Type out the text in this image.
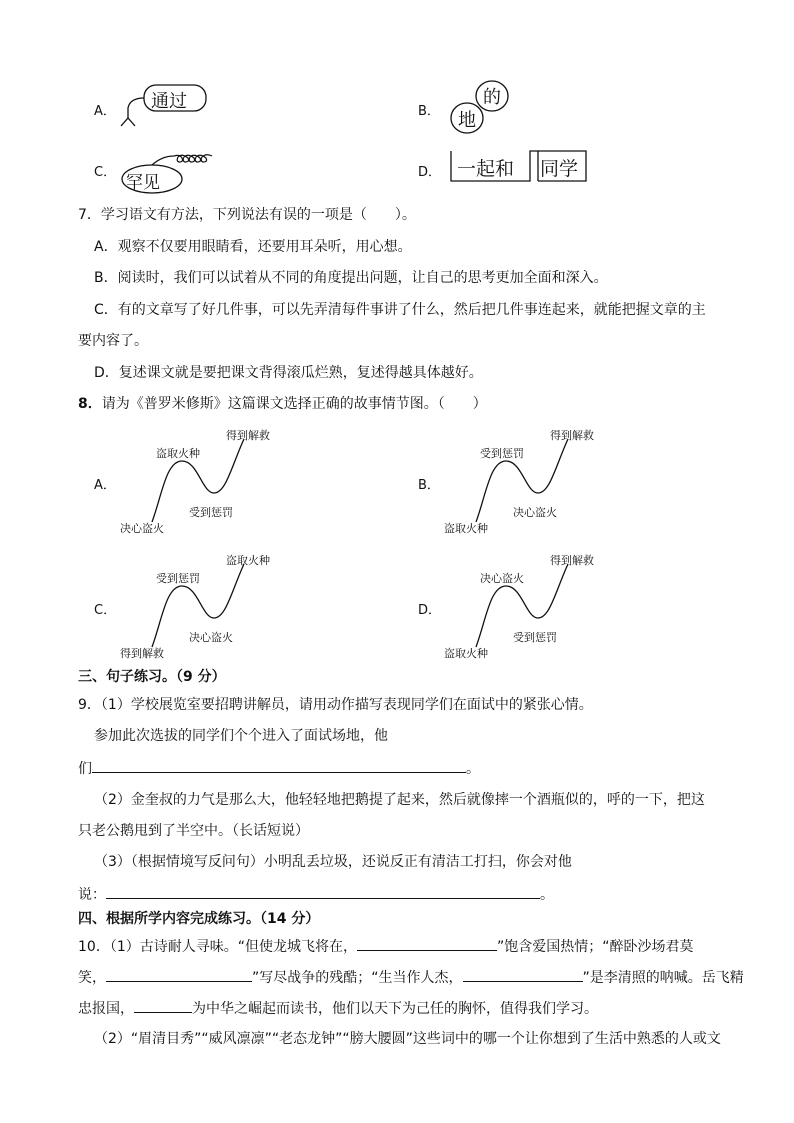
A． 通过	B．
的
地
C．
罕见
D． 一起和 同学
7．学习语文有方法，下列说法有误的一项是（　　）。
A．观察不仅要用眼睛看，还要用耳朵听，用心想。
B．阅读时，我们可以试着从不同的角度提出问题，让自己的思考更加全面和深入。
C．有的文章写了好几件事，可以先弄清每件事讲了什么，然后把几件事连起来，就能把握文章的主
要内容了。
D．复述课文就是要把课文背得滚瓜烂熟，复述得越具体越好。
8．请为《普罗米修斯》这篇课文选择正确的故事情节图。（　　）
A．
决心盗火
盗取火种
受到惩罚
得到解救
B．
盗取火种
受到惩罚
决心盗火
得到解救
C．
得到解救
受到惩罚
决心盗火
盗取火种
D．
盗取火种
决心盗火
受到惩罚
得到解救
三、句子练习。（9 分）
9．（1）学校展览室要招聘讲解员，请用动作描写表现同学们在面试中的紧张心情。
参加此次选拔的同学们个个进入了面试场地，他
们	。
（2）金奎叔的力气是那么大，他轻轻地把鹅提了起来，然后就像摔一个酒瓶似的，呼的一下，把这
只老公鹅甩到了半空中。（长话短说）
（3）（根据情境写反问句）小明乱丢垃圾，还说反正有清洁工打扫，你会对他
说：	。
四、根据所学内容完成练习。（14 分）
10．（1）古诗耐人寻味。“但使龙城飞将在，	”饱含爱国热情；“醉卧沙场君莫
笑，	”写尽战争的残酷；“生当作人杰，	”是李清照的呐喊。岳飞精
忠报国，	为中华之崛起而读书，他们以天下为己任的胸怀，值得我们学习。
（2）“眉清目秀”“威风凛凛”“老态龙钟”“膀大腰圆”这些词中的哪一个让你想到了生活中熟悉的人或文
